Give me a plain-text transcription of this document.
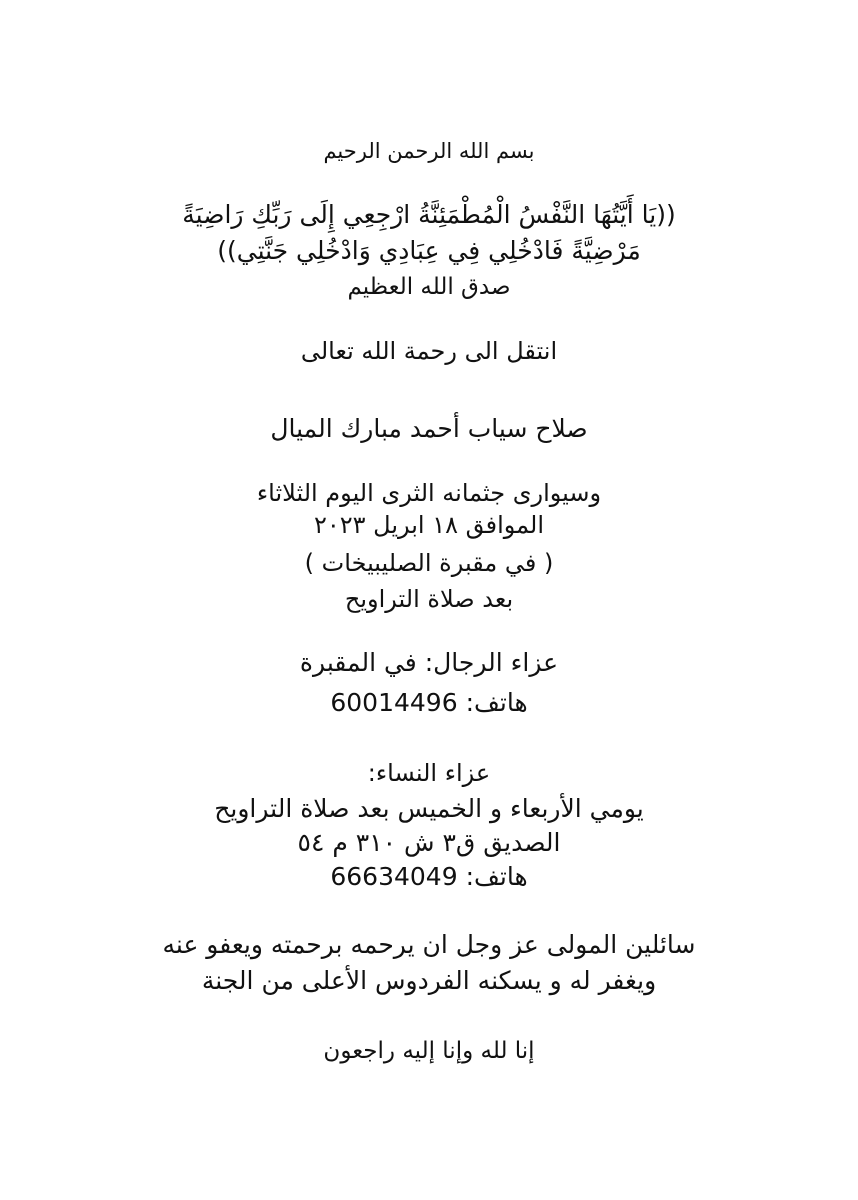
بسم الله الرحمن الرحيم
((يَا أَيَّتُهَا النَّفْسُ الْمُطْمَئِنَّةُ ارْجِعِي إِلَى رَبِّكِ رَاضِيَةً
مَرْضِيَّةً فَادْخُلِي فِي عِبَادِي وَادْخُلِي جَنَّتِي))
صدق الله العظيم
انتقل الى رحمة الله تعالى
صلاح سياب أحمد مبارك الميال
وسيوارى جثمانه الثرى اليوم الثلاثاء
الموافق ١٨ ابريل ٢٠٢٣
( في مقبرة الصليبيخات )
بعد صلاة التراويح
عزاء الرجال: في المقبرة
هاتف: 60014496
عزاء النساء:
يومي الأربعاء و الخميس بعد صلاة التراويح
الصديق ق٣ ش ٣١٠ م ٥٤
هاتف: 66634049
سائلين المولى عز وجل ان يرحمه برحمته ويعفو عنه
ويغفر له و يسكنه الفردوس الأعلى من الجنة
إنا لله وإنا إليه راجعون
